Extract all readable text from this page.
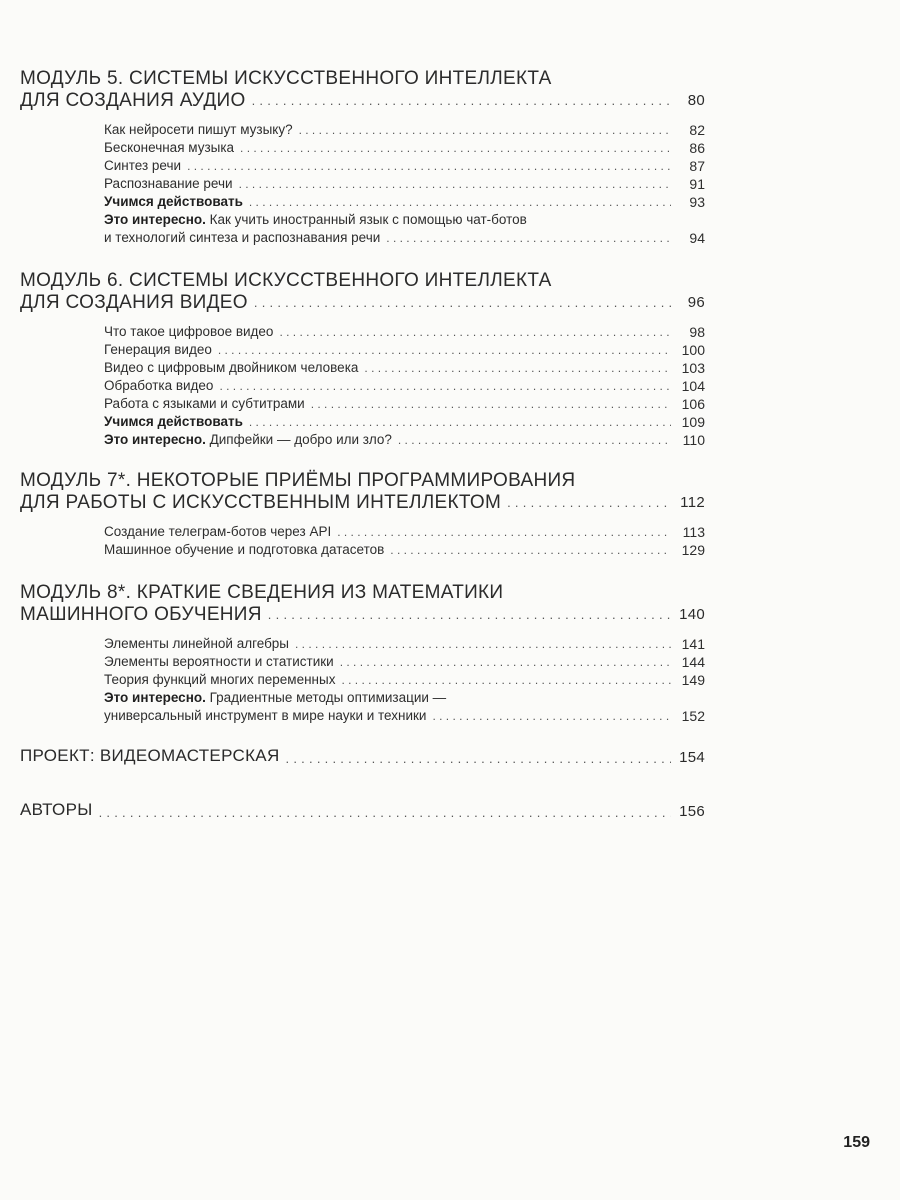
МОДУЛЬ 5. СИСТЕМЫ ИСКУССТВЕННОГО ИНТЕЛЛЕКТА
ДЛЯ СОЗДАНИЯ АУДИО . . .	80
Как нейросети пишут музыку? . . .	82
Бесконечная музыка . . .	86
Синтез речи . . .	87
Распознавание речи . . .	91
Учимся действовать . . .	93
Это интересно. Как учить иностранный язык с помощью чат-ботов
и технологий синтеза и распознавания речи . . .	94
МОДУЛЬ 6. СИСТЕМЫ ИСКУССТВЕННОГО ИНТЕЛЛЕКТА
ДЛЯ СОЗДАНИЯ ВИДЕО . . .	96
Что такое цифровое видео . . .	98
Генерация видео . . .	100
Видео с цифровым двойником человека . . .	103
Обработка видео . . .	104
Работа с языками и субтитрами . . .	106
Учимся действовать . . .	109
Это интересно. Дипфейки — добро или зло? . . .	110
МОДУЛЬ 7*. НЕКОТОРЫЕ ПРИЁМЫ ПРОГРАММИРОВАНИЯ
ДЛЯ РАБОТЫ С ИСКУССТВЕННЫМ ИНТЕЛЛЕКТОМ . . .	112
Создание телеграм-ботов через API . . .	113
Машинное обучение и подготовка датасетов . . .	129
МОДУЛЬ 8*. КРАТКИЕ СВЕДЕНИЯ ИЗ МАТЕМАТИКИ
МАШИННОГО ОБУЧЕНИЯ . . .	140
Элементы линейной алгебры . . .	141
Элементы вероятности и статистики . . .	144
Теория функций многих переменных . . .	149
Это интересно. Градиентные методы оптимизации —
универсальный инструмент в мире науки и техники . . .	152
ПРОЕКТ: ВИДЕОМАСТЕРСКАЯ . . .	154
АВТОРЫ . . .	156
159
